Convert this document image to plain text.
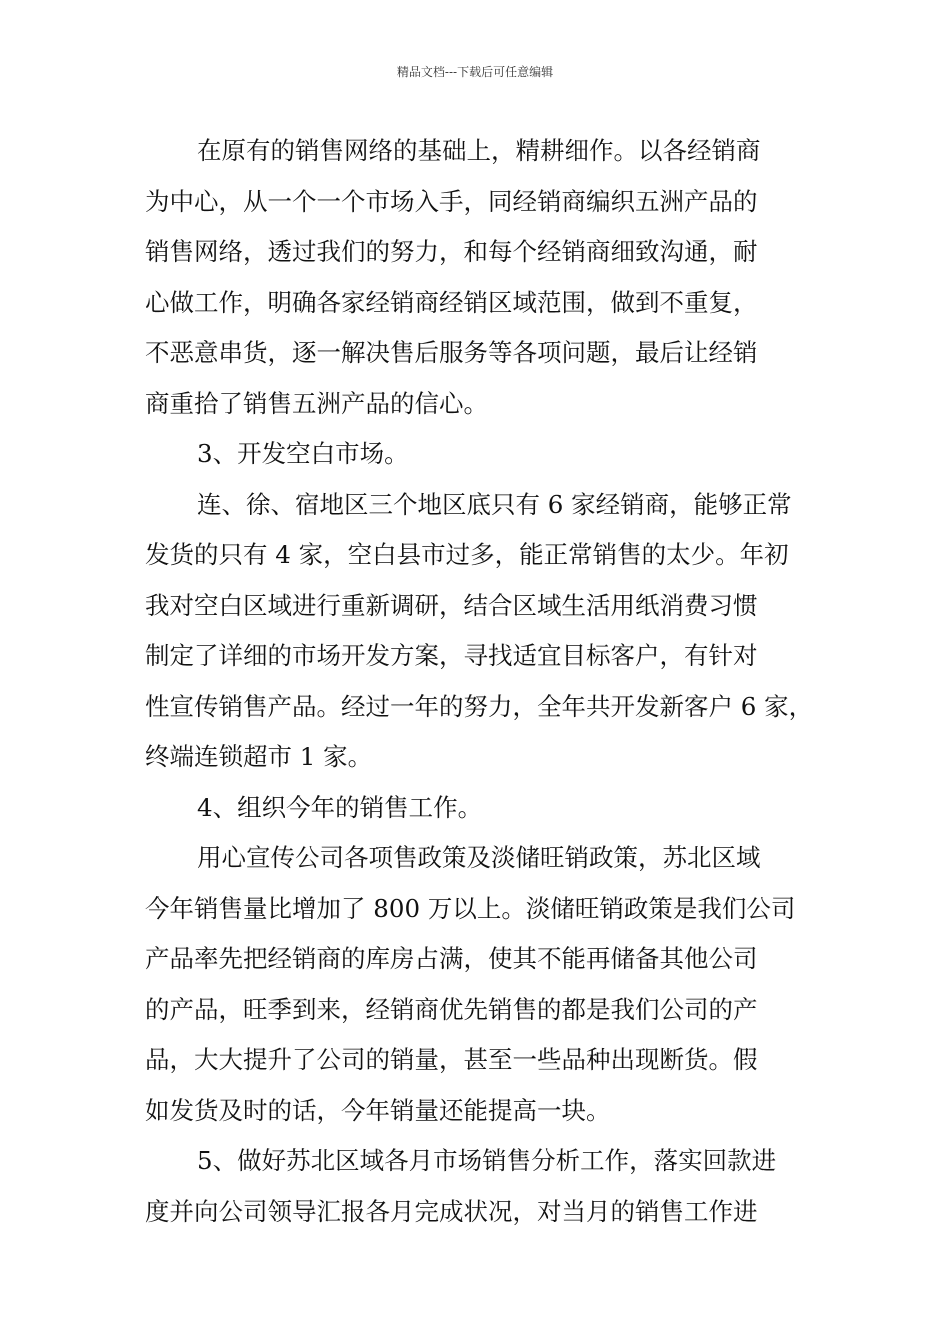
精品文档---下载后可任意编辑
在原有的销售网络的基础上，精耕细作。以各经销商
为中心，从一个一个市场入手，同经销商编织五洲产品的
销售网络，透过我们的努力，和每个经销商细致沟通，耐
心做工作，明确各家经销商经销区域范围，做到不重复，
不恶意串货，逐一解决售后服务等各项问题，最后让经销
商重拾了销售五洲产品的信心。
3、开发空白市场。
连、徐、宿地区三个地区底只有 6 家经销商，能够正常
发货的只有 4 家，空白县市过多，能正常销售的太少。年初
我对空白区域进行重新调研，结合区域生活用纸消费习惯
制定了详细的市场开发方案，寻找适宜目标客户，有针对
性宣传销售产品。经过一年的努力，全年共开发新客户 6 家，
终端连锁超市 1 家。
4、组织今年的销售工作。
用心宣传公司各项售政策及淡储旺销政策，苏北区域
今年销售量比增加了 800 万以上。淡储旺销政策是我们公司
产品率先把经销商的库房占满，使其不能再储备其他公司
的产品，旺季到来，经销商优先销售的都是我们公司的产
品，大大提升了公司的销量，甚至一些品种出现断货。假
如发货及时的话，今年销量还能提高一块。
5、做好苏北区域各月市场销售分析工作，落实回款进
度并向公司领导汇报各月完成状况，对当月的销售工作进
